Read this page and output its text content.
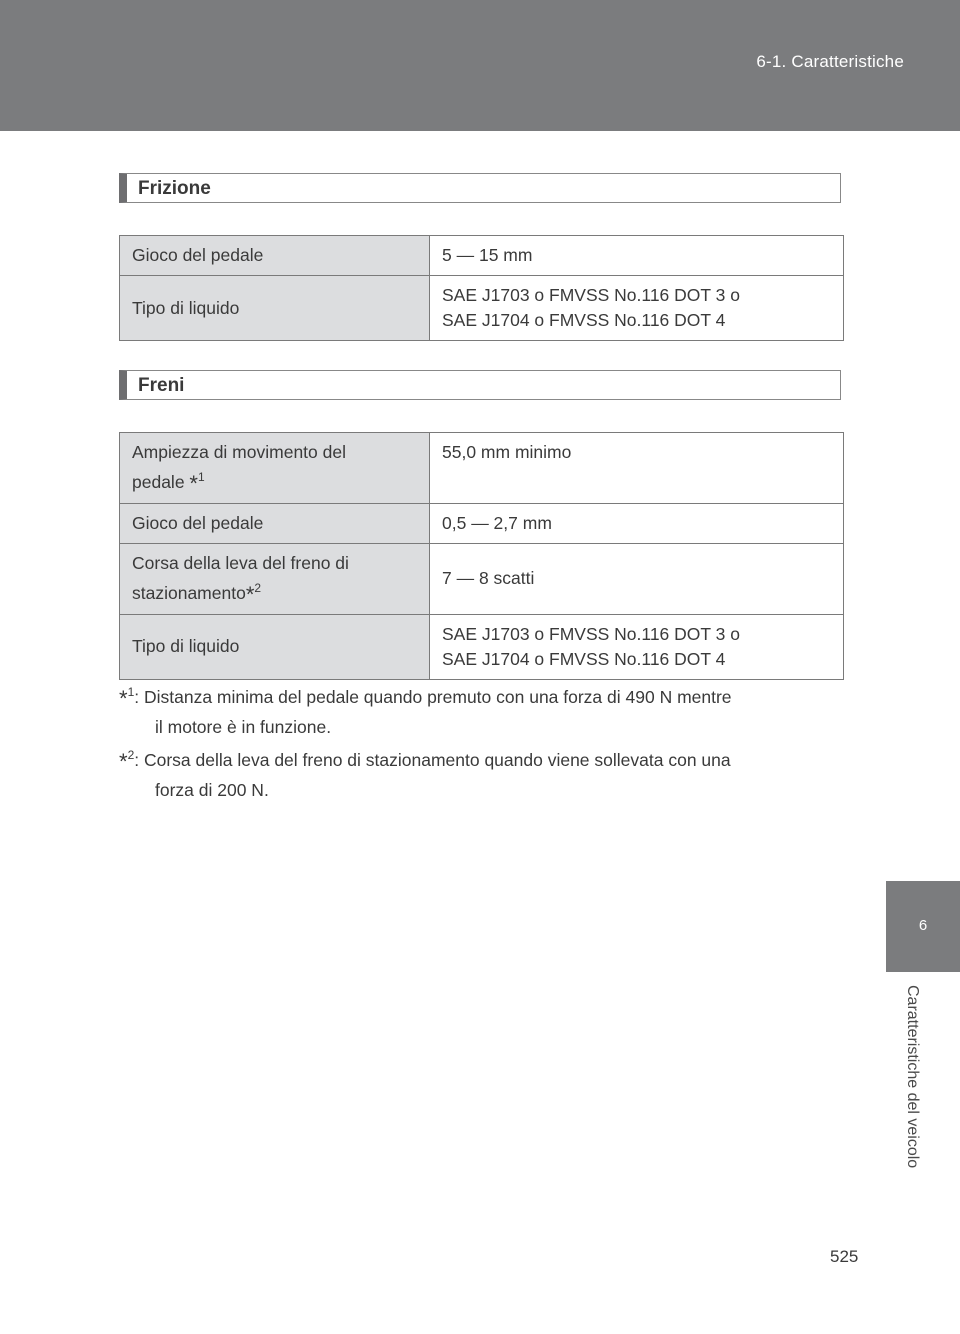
6-1. Caratteristiche
6
Caratteristiche del veicolo
525
Frizione
Gioco del pedale	5 — 15 mm
Tipo di liquido	SAE J1703 o FMVSS No.116 DOT 3 o
SAE J1704 o FMVSS No.116 DOT 4
Freni
Ampiezza di movimento del
pedale *$^1$	55,0 mm minimo
Gioco del pedale	0,5 — 2,7 mm
Corsa della leva del freno di
stazionamento*$^2$	7 — 8 scatti
Tipo di liquido	SAE J1703 o FMVSS No.116 DOT 3 o
SAE J1704 o FMVSS No.116 DOT 4
*$^1$: Distanza minima del pedale quando premuto con una forza di 490 N mentre
il motore è in funzione.
*$^2$: Corsa della leva del freno di stazionamento quando viene sollevata con una
forza di 200 N.
